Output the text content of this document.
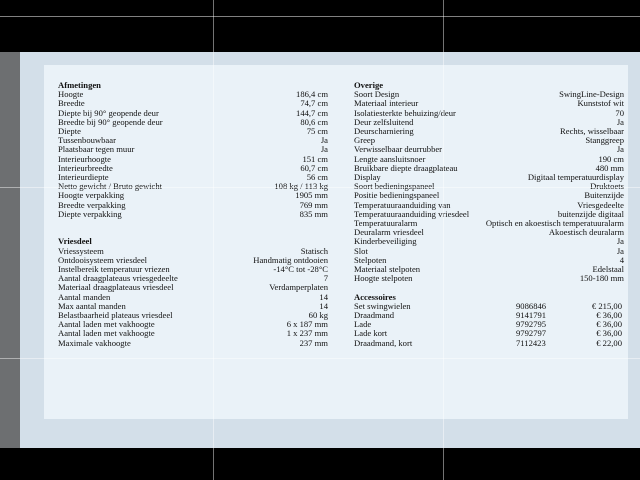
Afmetingen
Hoogte	186,4 cm
Breedte	74,7 cm
Diepte bij 90° geopende deur	144,7 cm
Breedte bij 90° geopende deur	80,6 cm
Diepte	75 cm
Tussenbouwbaar	Ja
Plaatsbaar tegen muur	Ja
Interieurhoogte	151 cm
Interieurbreedte	60,7 cm
Interieurdiepte	56 cm
Netto gewicht / Bruto gewicht	108 kg / 113 kg
Hoogte verpakking	1905 mm
Breedte verpakking	769 mm
Diepte verpakking	835 mm
Vriesdeel
Vriessysteem	Statisch
Ontdooisysteem vriesdeel	Handmatig ontdooien
Instelbereik temperatuur vriezen	-14°C tot -28°C
Aantal draagplateaus vriesgedeelte	7
Materiaal draagplateaus vriesdeel	Verdamperplaten
Aantal manden	14
Max aantal manden	14
Belastbaarheid plateaus vriesdeel	60 kg
Aantal laden met vakhoogte	6 x 187 mm
Aantal laden met vakhoogte	1 x 237 mm
Maximale vakhoogte	237 mm
Overige
Soort Design	SwingLine-Design
Materiaal interieur	Kunststof wit
Isolatiesterkte behuizing/deur	70
Deur zelfsluitend	Ja
Deurscharniering	Rechts, wisselbaar
Greep	Stanggreep
Verwisselbaar deurrubber	Ja
Lengte aansluitsnoer	190 cm
Bruikbare diepte draagplateau	480 mm
Display	Digitaal temperatuurdisplay
Soort bedieningspaneel	Druktoets
Positie bedieningspaneel	Buitenzijde
Temperatuuraanduiding van	Vriesgedeelte
Temperatuuraanduiding vriesdeel	buitenzijde digitaal
Temperatuuralarm	Optisch en akoestisch temperatuuralarm
Deuralarm vriesdeel	Akoestisch deuralarm
Kinderbeveiliging	Ja
Slot	Ja
Stelpoten	4
Materiaal stelpoten	Edelstaal
Hoogte stelpoten	150-180 mm
Accessoires
Set swingwielen	9086846	€ 215,00
Draadmand	9141791	€ 36,00
Lade	9792795	€ 36,00
Lade kort	9792797	€ 36,00
Draadmand, kort	7112423	€ 22,00
